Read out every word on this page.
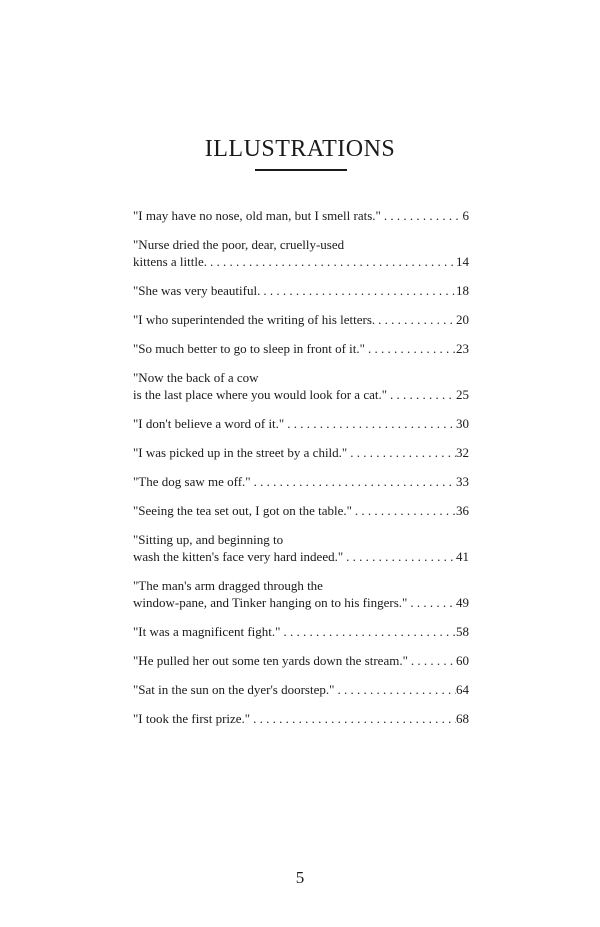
ILLUSTRATIONS
"I may have no nose, old man, but I smell rats." . . .	6
"Nurse dried the poor, dear, cruelly-used
kittens a little. . . .	14
"She was very beautiful. . . .	18
"I who superintended the writing of his letters. . . .	20
"So much better to go to sleep in front of it." . . .	23
"Now the back of a cow
is the last place where you would look for a cat." . . .	25
"I don't believe a word of it." . . .	30
"I was picked up in the street by a child." . . .	32
"The dog saw me off." . . .	33
"Seeing the tea set out, I got on the table." . . .	36
"Sitting up, and beginning to
wash the kitten's face very hard indeed." . . .	41
"The man's arm dragged through the
window-pane, and Tinker hanging on to his fingers." . . .	49
"It was a magnificent fight." . . .	58
"He pulled her out some ten yards down the stream." . . .	60
"Sat in the sun on the dyer's doorstep." . . .	64
"I took the first prize." . . .	68
5
